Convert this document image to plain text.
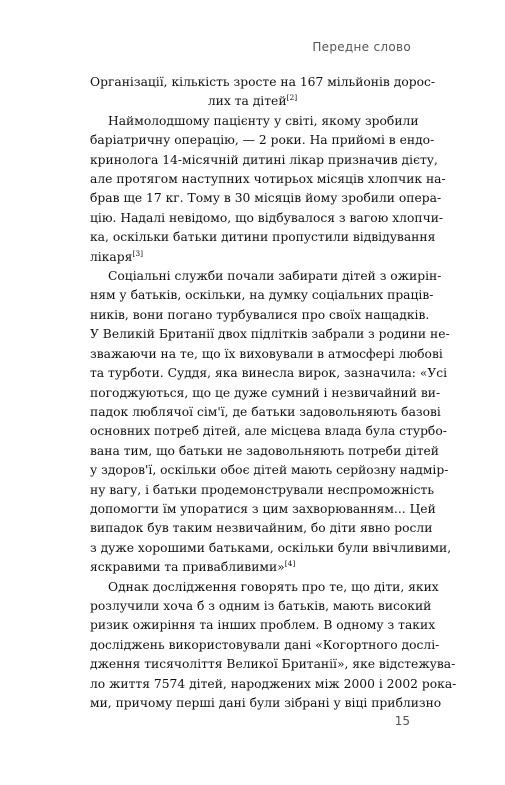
Передне слово
Організації, кількість зросте на 167 мільйонів дорос-
лих та дітей[2]
Наймолодшому пацієнту у світі, якому зробили
баріатричну операцію, — 2 роки. На прийомі в ендо-
кринолога 14-місячній дитині лікар призначив дієту,
але протягом наступних чотирьох місяців хлопчик на-
брав ще 17 кг. Тому в 30 місяців йому зробили опера-
цію. Надалі невідомо, що відбувалося з вагою хлопчи-
ка, оскільки батьки дитини пропустили відвідування
лікаря[3]
Соціальні служби почали забирати дітей з ожирін-
ням у батьків, оскільки, на думку соціальних праців-
ників, вони погано турбувалися про своїх нащадків.
У Великій Британії двох підлітків забрали з родини не-
зважаючи на те, що їх виховували в атмосфері любові
та турботи. Суддя, яка винесла вирок, зазначила: «Усі
погоджуються, що це дуже сумний і незвичайний ви-
падок люблячої сім'ї, де батьки задовольняють базові
основних потреб дітей, але місцева влада була стурбо-
вана тим, що батьки не задовольняють потреби дітей
у здоров'ї, оскільки обоє дітей мають серйозну надмір-
ну вагу, і батьки продемонстрували неспроможність
допомогти їм упоратися з цим захворюванням... Цей
випадок був таким незвичайним, бо діти явно росли
з дуже хорошими батьками, оскільки були ввічливими,
яскравими та привабливими»[4]
Однак дослідження говорять про те, що діти, яких
розлучили хоча б з одним із батьків, мають високий
ризик ожиріння та інших проблем. В одному з таких
досліджень використовували дані «Когортного дослі-
дження тисячоліття Великої Британії», яке відстежува-
ло життя 7574 дітей, народжених між 2000 і 2002 рока-
ми, причому перші дані були зібрані у віці приблизно
15
